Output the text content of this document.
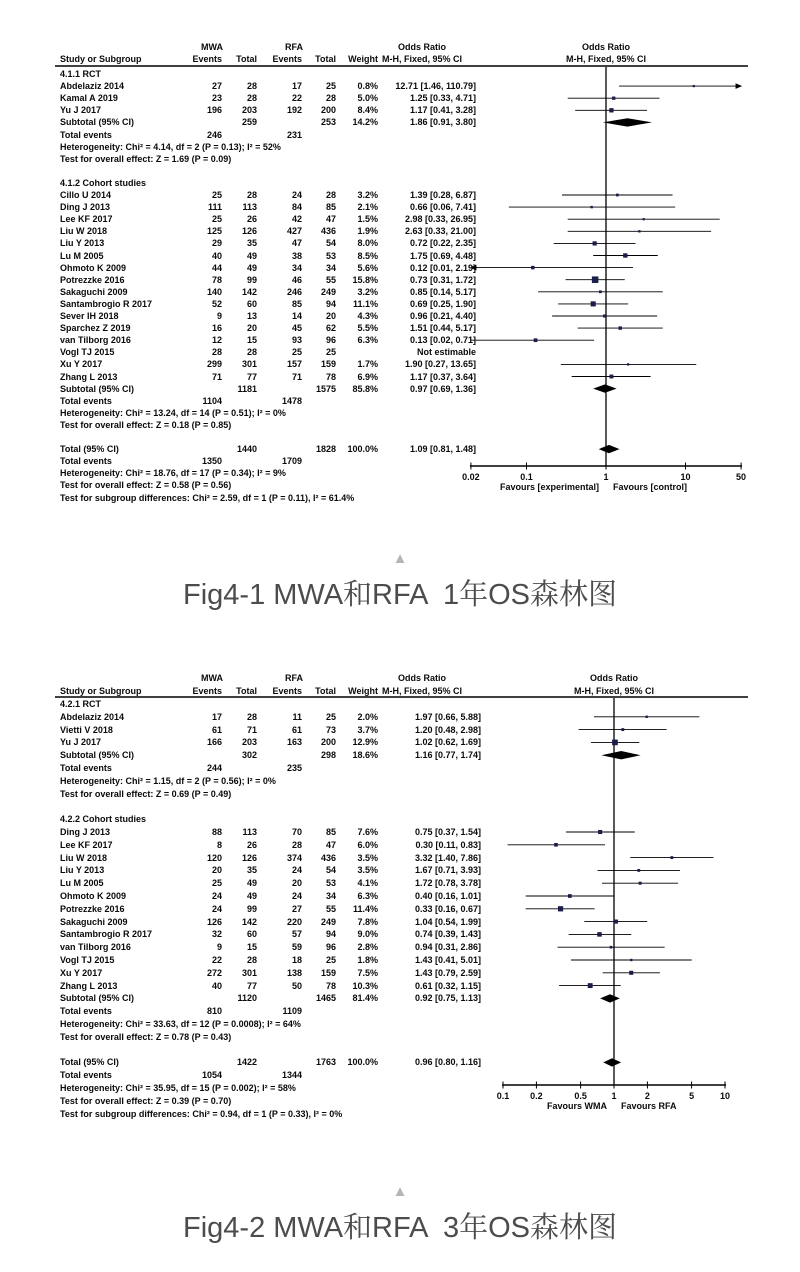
MWA	RFA	Odds Ratio	Odds Ratio
Study or Subgroup	Events Total Events Total Weight M-H, Fixed, 95% CI	M-H, Fixed, 95% CI
0.02	0.1	1	10	50
Favours [experimental] Favours [control]
4.1.1 RCT
Abdelaziz 2014	27	28	17	25 0.8% 12.71 [1.46, 110.79]
Kamal A 2019	23	28	22	28 5.0%	1.25 [0.33, 4.71]
Yu J 2017	196 203	192 200 8.4%	1.17 [0.41, 3.28]
Subtotal (95% CI)	259	253 14.2%	1.86 [0.91, 3.80]
Total events	246	231
Heterogeneity: Chi² = 4.14, df = 2 (P = 0.13); I² = 52%
Test for overall effect: Z = 1.69 (P = 0.09)
4.1.2 Cohort studies
Cillo U 2014	25	28	24	28 3.2%	1.39 [0.28, 6.87]
Ding J 2013	111 113	84	85 2.1%	0.66 [0.06, 7.41]
Lee KF 2017	25	26	42	47 1.5%	2.98 [0.33, 26.95]
Liu W 2018	125 126	427 436 1.9%	2.63 [0.33, 21.00]
Liu Y 2013	29	35	47	54 8.0%	0.72 [0.22, 2.35]
Lu M 2005	40	49	38	53 8.5%	1.75 [0.69, 4.48]
Ohmoto K 2009	44	49	34	34 5.6%	0.12 [0.01, 2.19]
Potrezzke 2016	78	99	46	55 15.8%	0.73 [0.31, 1.72]
Sakaguchi 2009	140 142	246 249 3.2%	0.85 [0.14, 5.17]
Santambrogio R 2017	52	60	85	94 11.1%	0.69 [0.25, 1.90]
Sever IH 2018	9	13	14	20 4.3%	0.96 [0.21, 4.40]
Sparchez Z 2019	16	20	45	62 5.5%	1.51 [0.44, 5.17]
van Tilborg 2016	12	15	93	96 6.3%	0.13 [0.02, 0.71]
Vogl TJ 2015	28	28	25	25	Not estimable
Xu Y 2017	299 301	157 159 1.7%	1.90 [0.27, 13.65]
Zhang L 2013	71	77	71	78 6.9%	1.17 [0.37, 3.64]
Subtotal (95% CI)	1181	1575 85.8%	0.97 [0.69, 1.36]
Total events	1104	1478
Heterogeneity: Chi² = 13.24, df = 14 (P = 0.51); I² = 0%
Test for overall effect: Z = 0.18 (P = 0.85)
Total (95% CI)	1440	1828 100.0%	1.09 [0.81, 1.48]
Total events	1350	1709
Heterogeneity: Chi² = 18.76, df = 17 (P = 0.34); I² = 9%
Test for overall effect: Z = 0.58 (P = 0.56)
Test for subgroup differences: Chi² = 2.59, df = 1 (P = 0.11), I² = 61.4%
MWA	RFA	Odds Ratio	Odds Ratio
Study or Subgroup	Events Total Events Total Weight M-H, Fixed, 95% CI	M-H, Fixed, 95% CI
0.1 0.2	0.5	1	2	5	10
Favours WMA Favours RFA
4.2.1 RCT
Abdelaziz 2014	17	28	11	25 2.0%	1.97 [0.66, 5.88]
Vietti V 2018	61	71	61	73 3.7%	1.20 [0.48, 2.98]
Yu J 2017	166 203	163 200 12.9%	1.02 [0.62, 1.69]
Subtotal (95% CI)	302	298 18.6%	1.16 [0.77, 1.74]
Total events	244	235
Heterogeneity: Chi² = 1.15, df = 2 (P = 0.56); I² = 0%
Test for overall effect: Z = 0.69 (P = 0.49)
4.2.2 Cohort studies
Ding J 2013	88 113	70	85 7.6%	0.75 [0.37, 1.54]
Lee KF 2017	8	26	28	47 6.0%	0.30 [0.11, 0.83]
Liu W 2018	120 126	374 436 3.5%	3.32 [1.40, 7.86]
Liu Y 2013	20	35	24	54 3.5%	1.67 [0.71, 3.93]
Lu M 2005	25	49	20	53 4.1%	1.72 [0.78, 3.78]
Ohmoto K 2009	24	49	24	34 6.3%	0.40 [0.16, 1.01]
Potrezzke 2016	24	99	27	55 11.4%	0.33 [0.16, 0.67]
Sakaguchi 2009	126 142	220 249 7.8%	1.04 [0.54, 1.99]
Santambrogio R 2017	32	60	57	94 9.0%	0.74 [0.39, 1.43]
van Tilborg 2016	9	15	59	96 2.8%	0.94 [0.31, 2.86]
Vogl TJ 2015	22	28	18	25 1.8%	1.43 [0.41, 5.01]
Xu Y 2017	272 301	138 159 7.5%	1.43 [0.79, 2.59]
Zhang L 2013	40	77	50	78 10.3%	0.61 [0.32, 1.15]
Subtotal (95% CI)	1120	1465 81.4%	0.92 [0.75, 1.13]
Total events	810	1109
Heterogeneity: Chi² = 33.63, df = 12 (P = 0.0008); I² = 64%
Test for overall effect: Z = 0.78 (P = 0.43)
Total (95% CI)	1422	1763 100.0%	0.96 [0.80, 1.16]
Total events	1054	1344
Heterogeneity: Chi² = 35.95, df = 15 (P = 0.002); I² = 58%
Test for overall effect: Z = 0.39 (P = 0.70)
Test for subgroup differences: Chi² = 0.94, df = 1 (P = 0.33), I² = 0%
▲
Fig4-1 MWA和RFA  1年OS森林图
▲
Fig4-2 MWA和RFA  3年OS森林图
